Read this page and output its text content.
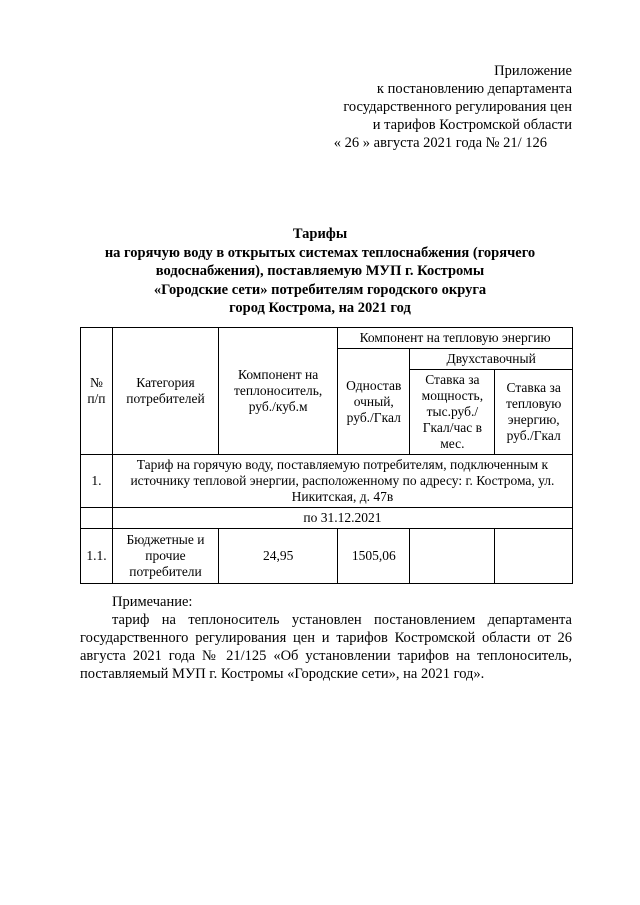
Приложение
к постановлению департамента
государственного регулирования цен
и тарифов Костромской области
« 26 » августа 2021 года № 21/ 126
Тарифы
на горячую воду в открытых системах теплоснабжения (горячего
водоснабжения), поставляемую МУП г. Костромы
«Городские сети» потребителям городского округа
город Кострома, на 2021 год
№ п/п	Категория потребителей	Компонент на теплоноситель, руб./куб.м	Компонент на тепловую энергию		
			Одностав очный, руб./Гкал	Двухставочный	
				Ставка за мощность, тыс.руб./ Гкал/час в мес.	Ставка за тепловую энергию, руб./Гкал
1.	Тариф на горячую воду, поставляемую потребителям, подключенным к источнику тепловой энергии, расположенному по адресу: г. Кострома, ул. Никитская, д. 47в				
	по 31.12.2021				
1.1.	Бюджетные и прочие потребители	24,95	1505,06		
Примечание:
тариф на теплоноситель установлен постановлением департамента государственного регулирования цен и тарифов Костромской области от 26 августа 2021 года № 21/125 «Об установлении тарифов на теплоноситель, поставляемый МУП г. Костромы «Городские сети», на 2021 год».
